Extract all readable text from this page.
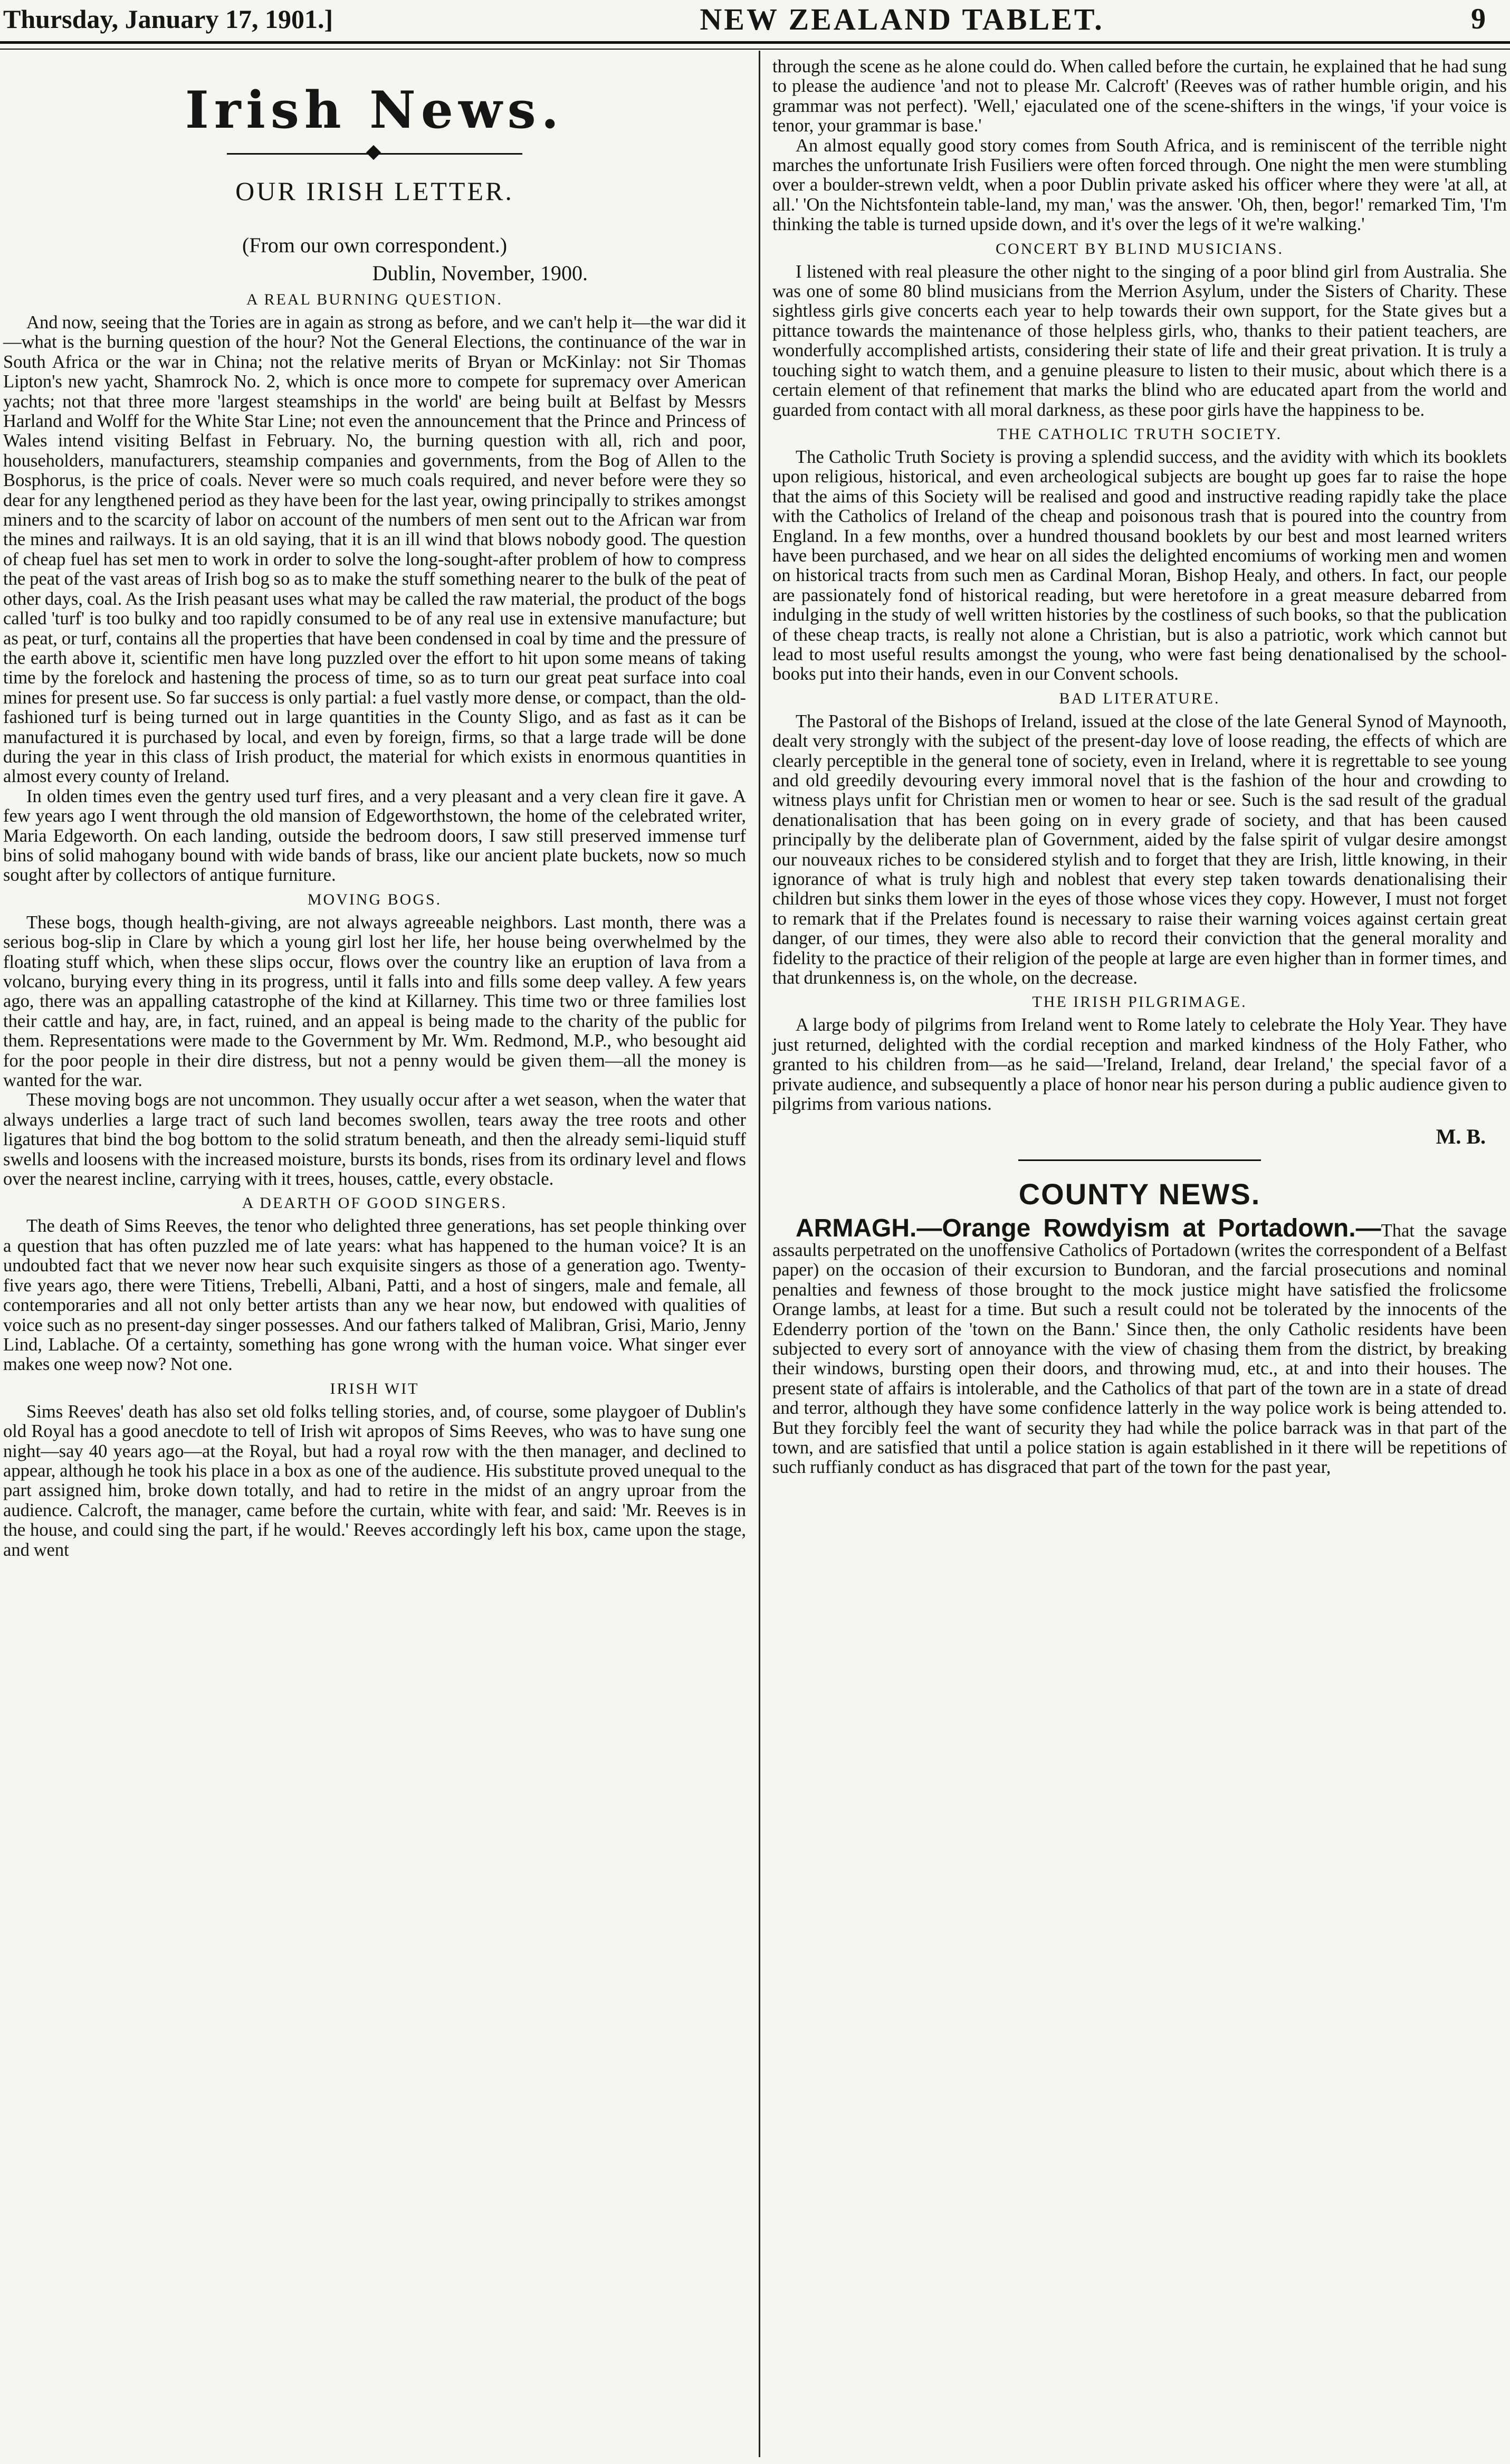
Thursday, January 17, 1901.]	NEW ZEALAND TABLET.	9
Irish News.
OUR IRISH LETTER.
(From our own correspondent.)
Dublin, November, 1900.
A REAL BURNING QUESTION.

And now, seeing that the Tories are in again as strong as before, and we can't help it—the war did it—what is the burning question of the hour? Not the General Elections, the continuance of the war in South Africa or the war in China; not the relative merits of Bryan or McKinlay: not Sir Thomas Lipton's new yacht, Shamrock No. 2, which is once more to compete for supremacy over American yachts; not that three more 'largest steamships in the world' are being built at Belfast by Messrs Harland and Wolff for the White Star Line; not even the announcement that the Prince and Princess of Wales intend visiting Belfast in February. No, the burning question with all, rich and poor, householders, manufacturers, steamship companies and governments, from the Bog of Allen to the Bosphorus, is the price of coals. Never were so much coals required, and never before were they so dear for any lengthened period as they have been for the last year, owing principally to strikes amongst miners and to the scarcity of labor on account of the numbers of men sent out to the African war from the mines and railways. It is an old saying, that it is an ill wind that blows nobody good. The question of cheap fuel has set men to work in order to solve the long-sought-after problem of how to compress the peat of the vast areas of Irish bog so as to make the stuff something nearer to the bulk of the peat of other days, coal. As the Irish peasant uses what may be called the raw material, the product of the bogs called 'turf' is too bulky and too rapidly consumed to be of any real use in extensive manufacture; but as peat, or turf, contains all the properties that have been condensed in coal by time and the pressure of the earth above it, scientific men have long puzzled over the effort to hit upon some means of taking time by the forelock and hastening the process of time, so as to turn our great peat surface into coal mines for present use. So far success is only partial: a fuel vastly more dense, or compact, than the old-fashioned turf is being turned out in large quantities in the County Sligo, and as fast as it can be manufactured it is purchased by local, and even by foreign, firms, so that a large trade will be done during the year in this class of Irish product, the material for which exists in enormous quantities in almost every county of Ireland.

In olden times even the gentry used turf fires, and a very pleasant and a very clean fire it gave. A few years ago I went through the old mansion of Edgeworthstown, the home of the celebrated writer, Maria Edgeworth. On each landing, outside the bedroom doors, I saw still preserved immense turf bins of solid mahogany bound with wide bands of brass, like our ancient plate buckets, now so much sought after by collectors of antique furniture.

MOVING BOGS.

These bogs, though health-giving, are not always agreeable neighbors. Last month, there was a serious bog-slip in Clare by which a young girl lost her life, her house being overwhelmed by the floating stuff which, when these slips occur, flows over the country like an eruption of lava from a volcano, burying every thing in its progress, until it falls into and fills some deep valley. A few years ago, there was an appalling catastrophe of the kind at Killarney. This time two or three families lost their cattle and hay, are, in fact, ruined, and an appeal is being made to the charity of the public for them. Representations were made to the Government by Mr. Wm. Redmond, M.P., who besought aid for the poor people in their dire distress, but not a penny would be given them—all the money is wanted for the war.

These moving bogs are not uncommon. They usually occur after a wet season, when the water that always underlies a large tract of such land becomes swollen, tears away the tree roots and other ligatures that bind the bog bottom to the solid stratum beneath, and then the already semi-liquid stuff swells and loosens with the increased moisture, bursts its bonds, rises from its ordinary level and flows over the nearest incline, carrying with it trees, houses, cattle, every obstacle.

A DEARTH OF GOOD SINGERS.

The death of Sims Reeves, the tenor who delighted three generations, has set people thinking over a question that has often puzzled me of late years: what has happened to the human voice? It is an undoubted fact that we never now hear such exquisite singers as those of a generation ago. Twenty-five years ago, there were Titiens, Trebelli, Albani, Patti, and a host of singers, male and female, all contemporaries and all not only better artists than any we hear now, but endowed with qualities of voice such as no present-day singer possesses. And our fathers talked of Malibran, Grisi, Mario, Jenny Lind, Lablache. Of a certainty, something has gone wrong with the human voice. What singer ever makes one weep now? Not one.

IRISH WIT

Sims Reeves' death has also set old folks telling stories, and, of course, some playgoer of Dublin's old Royal has a good anecdote to tell of Irish wit apropos of Sims Reeves, who was to have sung one night—say 40 years ago—at the Royal, but had a royal row with the then manager, and declined to appear, although he took his place in a box as one of the audience. His substitute proved unequal to the part assigned him, broke down totally, and had to retire in the midst of an angry uproar from the audience. Calcroft, the manager, came before the curtain, white with fear, and said: 'Mr. Reeves is in the house, and could sing the part, if he would.' Reeves accordingly left his box, came upon the stage, and went

through the scene as he alone could do. When called before the curtain, he explained that he had sung to please the audience 'and not to please Mr. Calcroft' (Reeves was of rather humble origin, and his grammar was not perfect). 'Well,' ejaculated one of the scene-shifters in the wings, 'if your voice is tenor, your grammar is base.'

An almost equally good story comes from South Africa, and is reminiscent of the terrible night marches the unfortunate Irish Fusiliers were often forced through. One night the men were stumbling over a boulder-strewn veldt, when a poor Dublin private asked his officer where they were 'at all, at all.' 'On the Nichtsfontein table-land, my man,' was the answer. 'Oh, then, begor!' remarked Tim, 'I'm thinking the table is turned upside down, and it's over the legs of it we're walking.'

CONCERT BY BLIND MUSICIANS.

I listened with real pleasure the other night to the singing of a poor blind girl from Australia. She was one of some 80 blind musicians from the Merrion Asylum, under the Sisters of Charity. These sightless girls give concerts each year to help towards their own support, for the State gives but a pittance towards the maintenance of those helpless girls, who, thanks to their patient teachers, are wonderfully accomplished artists, considering their state of life and their great privation. It is truly a touching sight to watch them, and a genuine pleasure to listen to their music, about which there is a certain element of that refinement that marks the blind who are educated apart from the world and guarded from contact with all moral darkness, as these poor girls have the happiness to be.

THE CATHOLIC TRUTH SOCIETY.

The Catholic Truth Society is proving a splendid success, and the avidity with which its booklets upon religious, historical, and even archeological subjects are bought up goes far to raise the hope that the aims of this Society will be realised and good and instructive reading rapidly take the place with the Catholics of Ireland of the cheap and poisonous trash that is poured into the country from England. In a few months, over a hundred thousand booklets by our best and most learned writers have been purchased, and we hear on all sides the delighted encomiums of working men and women on historical tracts from such men as Cardinal Moran, Bishop Healy, and others. In fact, our people are passionately fond of historical reading, but were heretofore in a great measure debarred from indulging in the study of well written histories by the costliness of such books, so that the publication of these cheap tracts, is really not alone a Christian, but is also a patriotic, work which cannot but lead to most useful results amongst the young, who were fast being denationalised by the school-books put into their hands, even in our Convent schools.

BAD LITERATURE.

The Pastoral of the Bishops of Ireland, issued at the close of the late General Synod of Maynooth, dealt very strongly with the subject of the present-day love of loose reading, the effects of which are clearly perceptible in the general tone of society, even in Ireland, where it is regrettable to see young and old greedily devouring every immoral novel that is the fashion of the hour and crowding to witness plays unfit for Christian men or women to hear or see. Such is the sad result of the gradual denationalisation that has been going on in every grade of society, and that has been caused principally by the deliberate plan of Government, aided by the false spirit of vulgar desire amongst our nouveaux riches to be considered stylish and to forget that they are Irish, little knowing, in their ignorance of what is truly high and noblest that every step taken towards denationalising their children but sinks them lower in the eyes of those whose vices they copy. However, I must not forget to remark that if the Prelates found is necessary to raise their warning voices against certain great danger, of our times, they were also able to record their conviction that the general morality and fidelity to the practice of their religion of the people at large are even higher than in former times, and that drunkenness is, on the whole, on the decrease.

THE IRISH PILGRIMAGE.

A large body of pilgrims from Ireland went to Rome lately to celebrate the Holy Year. They have just returned, delighted with the cordial reception and marked kindness of the Holy Father, who granted to his children from—as he said—'Ireland, Ireland, dear Ireland,' the special favor of a private audience, and subsequently a place of honor near his person during a public audience given to pilgrims from various nations.

M. B.
COUNTY NEWS.

ARMAGH.—Orange Rowdyism at Portadown.—That the savage assaults perpetrated on the unoffensive Catholics of Portadown (writes the correspondent of a Belfast paper) on the occasion of their excursion to Bundoran, and the farcial prosecutions and nominal penalties and fewness of those brought to the mock justice might have satisfied the frolicsome Orange lambs, at least for a time. But such a result could not be tolerated by the innocents of the Edenderry portion of the 'town on the Bann.' Since then, the only Catholic residents have been subjected to every sort of annoyance with the view of chasing them from the district, by breaking their windows, bursting open their doors, and throwing mud, etc., at and into their houses. The present state of affairs is intolerable, and the Catholics of that part of the town are in a state of dread and terror, although they have some confidence latterly in the way police work is being attended to. But they forcibly feel the want of security they had while the police barrack was in that part of the town, and are satisfied that until a police station is again established in it there will be repetitions of such ruffianly conduct as has disgraced that part of the town for the past year,
